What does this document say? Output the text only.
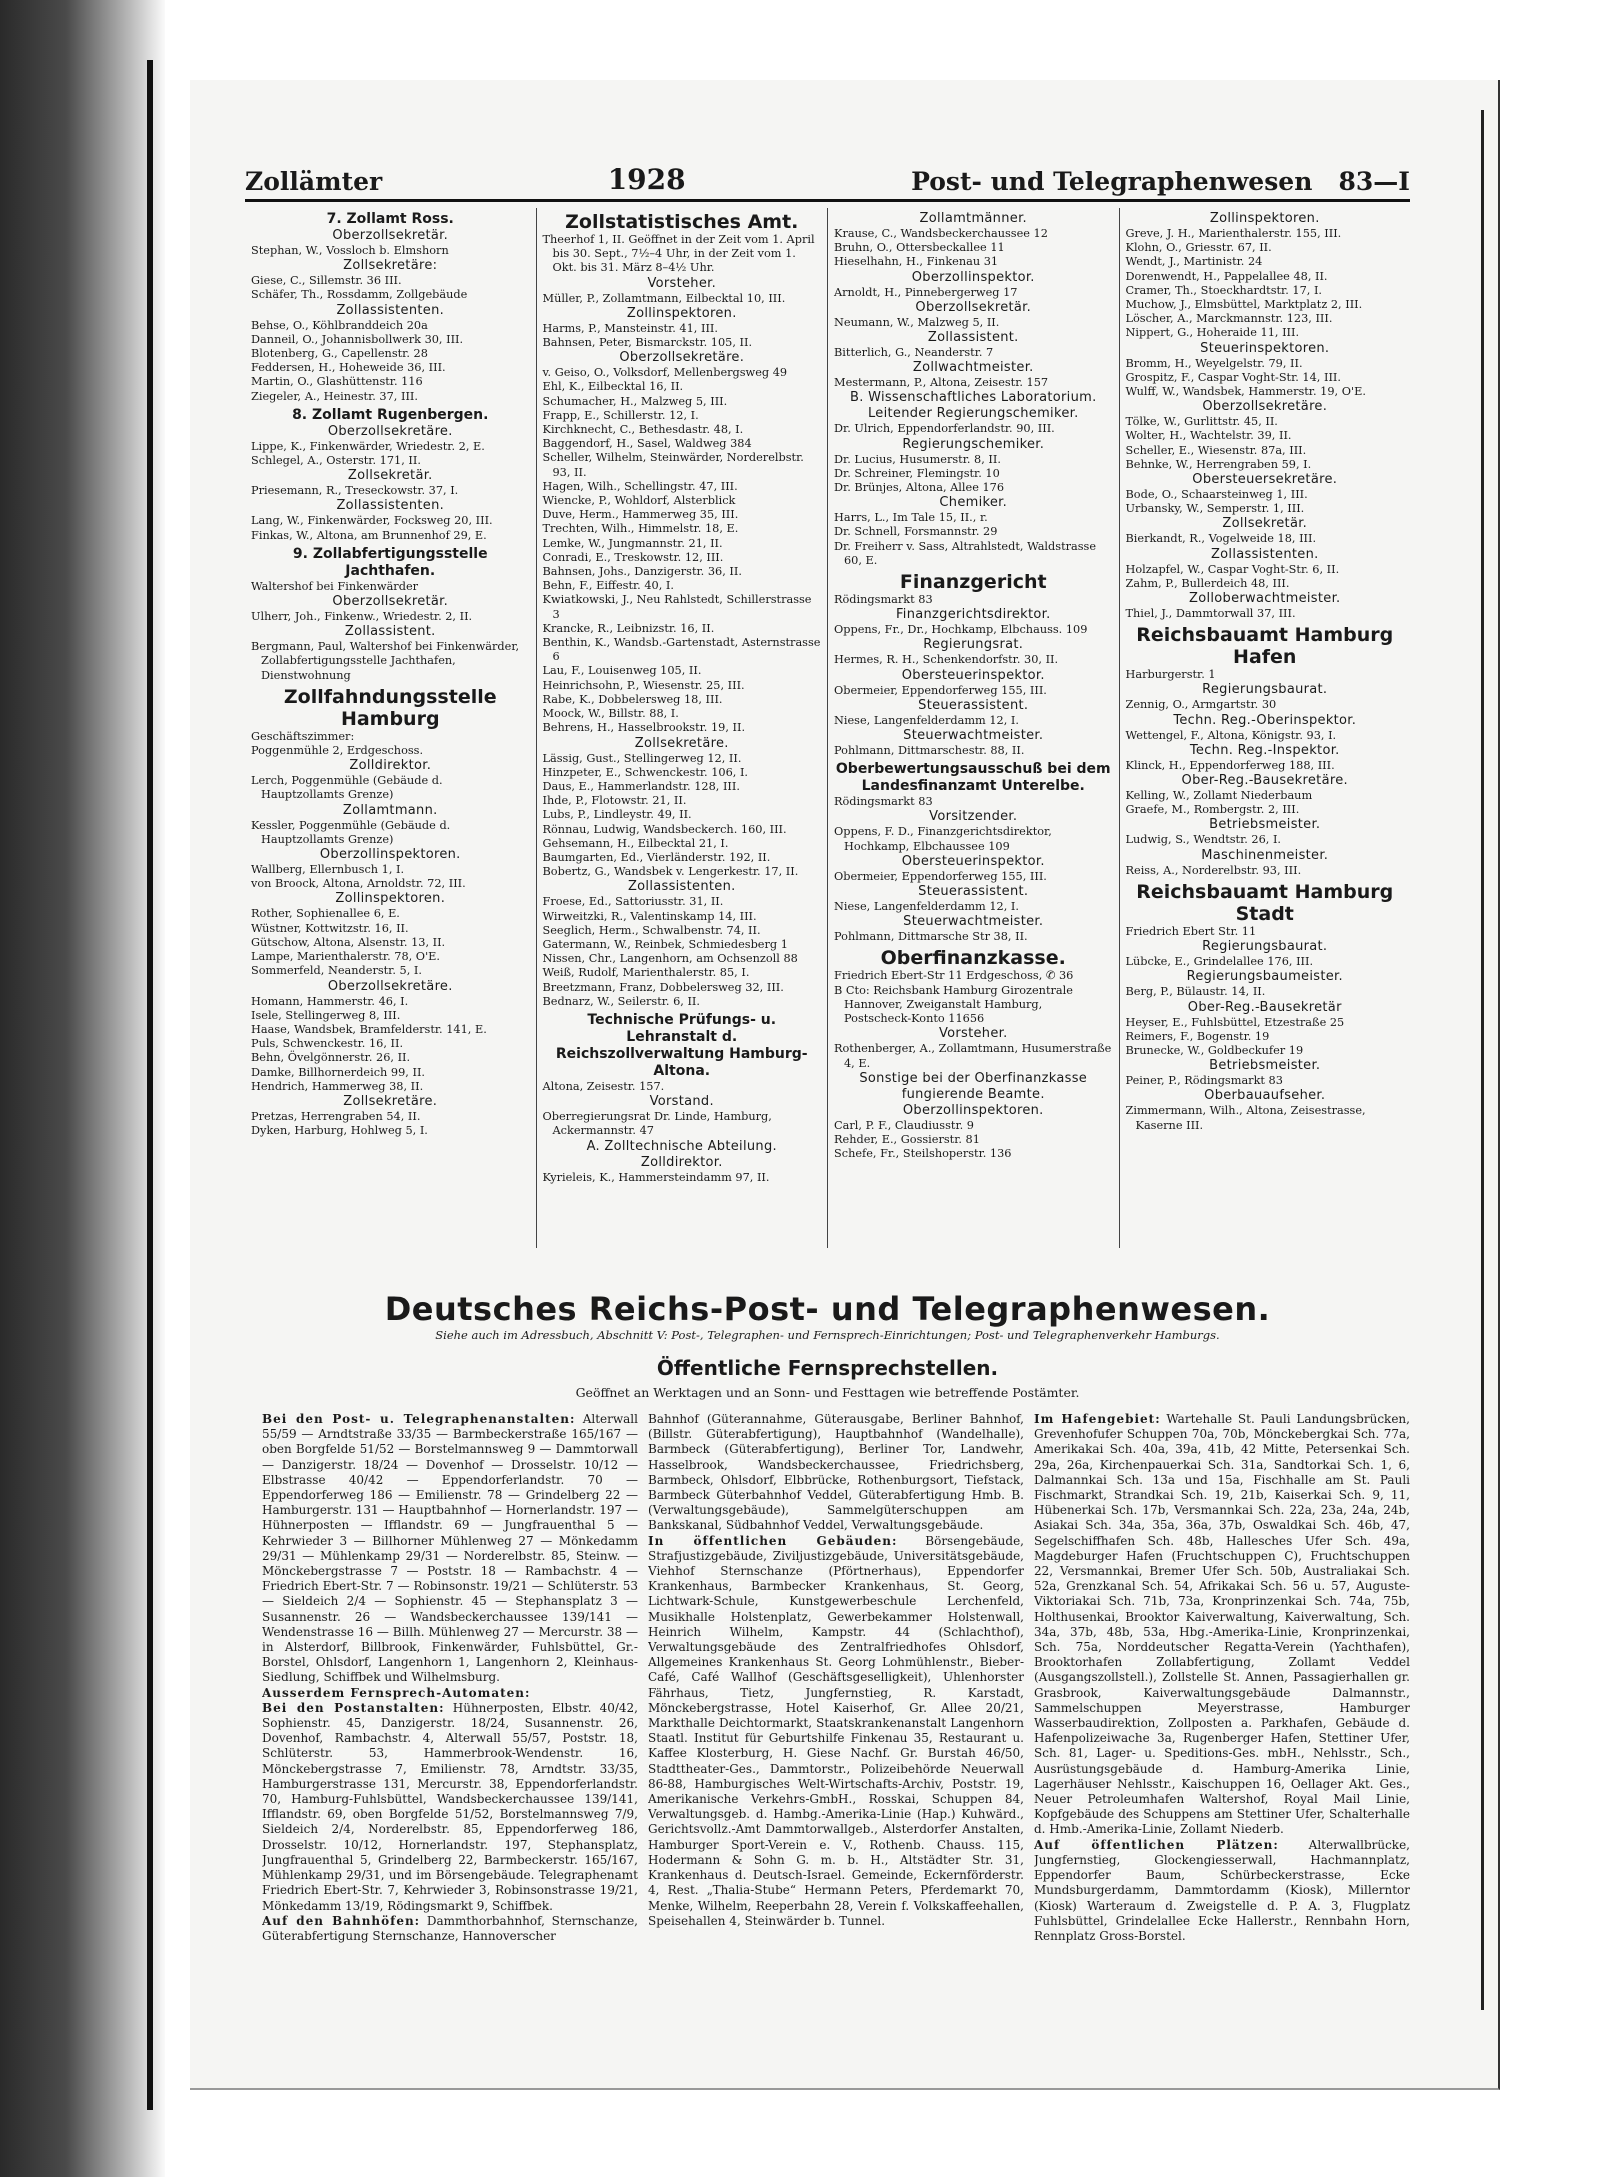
Zollämter	1928	Post- und Telegraphenwesen 83—I
7. Zollamt Ross.
Oberzollsekretär.
Stephan, W., Vossloch b. Elmshorn
Zollsekretäre:
Giese, C., Sillemstr. 36 III.
Schäfer, Th., Rossdamm, Zollgebäude
Zollassistenten.
Behse, O., Köhlbranddeich 20a
Danneil, O., Johannisbollwerk 30, III.
Blotenberg, G., Capellenstr. 28
Feddersen, H., Hoheweide 36, III.
Martin, O., Glashüttenstr. 116
Ziegeler, A., Heinestr. 37, III.
8. Zollamt Rugenbergen.
Oberzollsekretäre.
Lippe, K., Finkenwärder, Wriedestr. 2, E.
Schlegel, A., Osterstr. 171, II.
Zollsekretär.
Priesemann, R., Treseckowstr. 37, I.
Zollassistenten.
Lang, W., Finkenwärder, Focksweg 20, III.
Finkas, W., Altona, am Brunnenhof 29, E.
9. Zollabfertigungsstelle Jachthafen.
Waltershof bei Finkenwärder
Oberzollsekretär.
Ulherr, Joh., Finkenw., Wriedestr. 2, II.
Zollassistent.
Bergmann, Paul, Waltershof bei Finkenwärder, Zollabfertigungsstelle Jachthafen, Dienstwohnung
Zollfahndungsstelle Hamburg
Geschäftszimmer:
Poggenmühle 2, Erdgeschoss.
Zolldirektor.
Lerch, Poggenmühle (Gebäude d. Hauptzollamts Grenze)
Zollamtmann.
Kessler, Poggenmühle (Gebäude d. Hauptzollamts Grenze)
Oberzollinspektoren.
Wallberg, Ellernbusch 1, I.
von Broock, Altona, Arnoldstr. 72, III.
Zollinspektoren.
Rother, Sophienallee 6, E.
Wüstner, Kottwitzstr. 16, II.
Gütschow, Altona, Alsenstr. 13, II.
Lampe, Marienthalerstr. 78, O'E.
Sommerfeld, Neanderstr. 5, I.
Oberzollsekretäre.
Homann, Hammerstr. 46, I.
Isele, Stellingerweg 8, III.
Haase, Wandsbek, Bramfelderstr. 141, E.
Puls, Schwenckestr. 16, II.
Behn, Övelgönnerstr. 26, II.
Damke, Billhornerdeich 99, II.
Hendrich, Hammerweg 38, II.
Zollsekretäre.
Pretzas, Herrengraben 54, II.
Dyken, Harburg, Hohlweg 5, I.
Zollstatistisches Amt.
Theerhof 1, II. Geöffnet in der Zeit vom 1. April bis 30. Sept., 7½–4 Uhr, in der Zeit vom 1. Okt. bis 31. März 8–4½ Uhr.
Vorsteher.
Müller, P., Zollamtmann, Eilbecktal 10, III.
Zollinspektoren.
Harms, P., Mansteinstr. 41, III.
Bahnsen, Peter, Bismarckstr. 105, II.
Oberzollsekretäre.
v. Geiso, O., Volksdorf, Mellenbergsweg 49
Ehl, K., Eilbecktal 16, II.
Schumacher, H., Malzweg 5, III.
Frapp, E., Schillerstr. 12, I.
Kirchknecht, C., Bethesdastr. 48, I.
Baggendorf, H., Sasel, Waldweg 384
Scheller, Wilhelm, Steinwärder, Norderelbstr. 93, II.
Hagen, Wilh., Schellingstr. 47, III.
Wiencke, P., Wohldorf, Alsterblick
Duve, Herm., Hammerweg 35, III.
Trechten, Wilh., Himmelstr. 18, E.
Lemke, W., Jungmannstr. 21, II.
Conradi, E., Treskowstr. 12, III.
Bahnsen, Johs., Danzigerstr. 36, II.
Behn, F., Eiffestr. 40, I.
Kwiatkowski, J., Neu Rahlstedt, Schillerstrasse 3
Krancke, R., Leibnizstr. 16, II.
Benthin, K., Wandsb.-Gartenstadt, Asternstrasse 6
Lau, F., Louisenweg 105, II.
Heinrichsohn, P., Wiesenstr. 25, III.
Rabe, K., Dobbelersweg 18, III.
Moock, W., Billstr. 88, I.
Behrens, H., Hasselbrookstr. 19, II.
Zollsekretäre.
Lässig, Gust., Stellingerweg 12, II.
Hinzpeter, E., Schwenckestr. 106, I.
Daus, E., Hammerlandstr. 128, III.
Ihde, P., Flotowstr. 21, II.
Lubs, P., Lindleystr. 49, II.
Rönnau, Ludwig, Wandsbeckerch. 160, III.
Gehsemann, H., Eilbecktal 21, I.
Baumgarten, Ed., Vierländerstr. 192, II.
Bobertz, G., Wandsbek v. Lengerkestr. 17, II.
Zollassistenten.
Froese, Ed., Sattoriusstr. 31, II.
Wirweitzki, R., Valentinskamp 14, III.
Seeglich, Herm., Schwalbenstr. 74, II.
Gatermann, W., Reinbek, Schmiedesberg 1
Nissen, Chr., Langenhorn, am Ochsenzoll 88
Weiß, Rudolf, Marienthalerstr. 85, I.
Breetzmann, Franz, Dobbelersweg 32, III.
Bednarz, W., Seilerstr. 6, II.
Technische Prüfungs- u. Lehranstalt d. Reichszollverwaltung Hamburg-Altona.
Altona, Zeisestr. 157.
Vorstand.
Oberregierungsrat Dr. Linde, Hamburg, Ackermannstr. 47
A. Zolltechnische Abteilung.
Zolldirektor.
Kyrieleis, K., Hammersteindamm 97, II.
Zollamtmänner.
Krause, C., Wandsbeckerchaussee 12
Bruhn, O., Ottersbeckallee 11
Hieselhahn, H., Finkenau 31
Oberzollinspektor.
Arnoldt, H., Pinnebergerweg 17
Oberzollsekretär.
Neumann, W., Malzweg 5, II.
Zollassistent.
Bitterlich, G., Neanderstr. 7
Zollwachtmeister.
Mestermann, P., Altona, Zeisestr. 157
B. Wissenschaftliches Laboratorium.
Leitender Regierungschemiker.
Dr. Ulrich, Eppendorferlandstr. 90, III.
Regierungschemiker.
Dr. Lucius, Husumerstr. 8, II.
Dr. Schreiner, Flemingstr. 10
Dr. Brünjes, Altona, Allee 176
Chemiker.
Harrs, L., Im Tale 15, II., r.
Dr. Schnell, Forsmannstr. 29
Dr. Freiherr v. Sass, Altrahlstedt, Waldstrasse 60, E.
Finanzgericht
Rödingsmarkt 83
Finanzgerichtsdirektor.
Oppens, Fr., Dr., Hochkamp, Elbchauss. 109
Regierungsrat.
Hermes, R. H., Schenkendorfstr. 30, II.
Obersteuerinspektor.
Obermeier, Eppendorferweg 155, III.
Steuerassistent.
Niese, Langenfelderdamm 12, I.
Steuerwachtmeister.
Pohlmann, Dittmarschestr. 88, II.
Oberbewertungsausschuß bei dem Landesfinanzamt Unterelbe.
Rödingsmarkt 83
Vorsitzender.
Oppens, F. D., Finanzgerichtsdirektor, Hochkamp, Elbchaussee 109
Obersteuerinspektor.
Obermeier, Eppendorferweg 155, III.
Steuerassistent.
Niese, Langenfelderdamm 12, I.
Steuerwachtmeister.
Pohlmann, Dittmarsche Str 38, II.
Oberfinanzkasse.
Friedrich Ebert-Str 11 Erdgeschoss, ✆ 36
B Cto: Reichsbank Hamburg Girozentrale Hannover, Zweiganstalt Hamburg, Postscheck-Konto 11656
Vorsteher.
Rothenberger, A., Zollamtmann, Husumerstraße 4, E.
Sonstige bei der Oberfinanzkasse fungierende Beamte.
Oberzollinspektoren.
Carl, P. F., Claudiusstr. 9
Rehder, E., Gossierstr. 81
Schefe, Fr., Steilshoperstr. 136
Zollinspektoren.
Greve, J. H., Marienthalerstr. 155, III.
Klohn, O., Griesstr. 67, II.
Wendt, J., Martinistr. 24
Dorenwendt, H., Pappelallee 48, II.
Cramer, Th., Stoeckhardtstr. 17, I.
Muchow, J., Elmsbüttel, Marktplatz 2, III.
Löscher, A., Marckmannstr. 123, III.
Nippert, G., Hoheraide 11, III.
Steuerinspektoren.
Bromm, H., Weyelgelstr. 79, II.
Grospitz, F., Caspar Voght-Str. 14, III.
Wulff, W., Wandsbek, Hammerstr. 19, O'E.
Oberzollsekretäre.
Tölke, W., Gurlittstr. 45, II.
Wolter, H., Wachtelstr. 39, II.
Scheller, E., Wiesenstr. 87a, III.
Behnke, W., Herrengraben 59, I.
Obersteuersekretäre.
Bode, O., Schaarsteinweg 1, III.
Urbansky, W., Semperstr. 1, III.
Zollsekretär.
Bierkandt, R., Vogelweide 18, III.
Zollassistenten.
Holzapfel, W., Caspar Voght-Str. 6, II.
Zahm, P., Bullerdeich 48, III.
Zolloberwachtmeister.
Thiel, J., Dammtorwall 37, III.
Reichsbauamt Hamburg Hafen
Harburgerstr. 1
Regierungsbaurat.
Zennig, O., Armgartstr. 30
Techn. Reg.-Oberinspektor.
Wettengel, F., Altona, Königstr. 93, I.
Techn. Reg.-Inspektor.
Klinck, H., Eppendorferweg 188, III.
Ober-Reg.-Bausekretäre.
Kelling, W., Zollamt Niederbaum
Graefe, M., Rombergstr. 2, III.
Betriebsmeister.
Ludwig, S., Wendtstr. 26, I.
Maschinenmeister.
Reiss, A., Norderelbstr. 93, III.
Reichsbauamt Hamburg Stadt
Friedrich Ebert Str. 11
Regierungsbaurat.
Lübcke, E., Grindelallee 176, III.
Regierungsbaumeister.
Berg, P., Bülaustr. 14, II.
Ober-Reg.-Bausekretär
Heyser, E., Fuhlsbüttel, Etzestraße 25
Reimers, F., Bogenstr. 19
Brunecke, W., Goldbeckufer 19
Betriebsmeister.
Peiner, P., Rödingsmarkt 83
Oberbauaufseher.
Zimmermann, Wilh., Altona, Zeisestrasse, Kaserne III.
Deutsches Reichs-Post- und Telegraphenwesen.
Siehe auch im Adressbuch, Abschnitt V: Post-, Telegraphen- und Fernsprech-Einrichtungen; Post- und Telegraphenverkehr Hamburgs.
Öffentliche Fernsprechstellen.
Geöffnet an Werktagen und an Sonn- und Festtagen wie betreffende Postämter.

Bei den Post- u. Telegraphenanstalten: Alterwall 55/59 — Arndtstraße 33/35 — Barmbeckerstraße 165/167 — oben Borgfelde 51/52 — Borstelmannsweg 9 — Dammtorwall — Danzigerstr. 18/24 — Dovenhof — Drosselstr. 10/12 — Elbstrasse 40/42 — Eppendorferlandstr. 70 — Eppendorferweg 186 — Emilienstr. 78 — Grindelberg 22 — Hamburgerstr. 131 — Hauptbahnhof — Hornerlandstr. 197 — Hühnerposten — Ifflandstr. 69 — Jungfrauenthal 5 — Kehrwieder 3 — Billhorner Mühlenweg 27 — Mönkedamm 29/31 — Mühlenkamp 29/31 — Norderelbstr. 85, Steinw. — Mönckebergstrasse 7 — Poststr. 18 — Rambachstr. 4 — Friedrich Ebert-Str. 7 — Robinsonstr. 19/21 — Schlüterstr. 53 — Sieldeich 2/4 — Sophienstr. 45 — Stephansplatz 3 — Susannenstr. 26 — Wandsbeckerchaussee 139/141 — Wendenstrasse 16 — Billh. Mühlenweg 27 — Mercurstr. 38 — in Alsterdorf, Billbrook, Finkenwärder, Fuhlsbüttel, Gr.-Borstel, Ohlsdorf, Langenhorn 1, Langenhorn 2, Kleinhaus-Siedlung, Schiffbek und Wilhelmsburg.

Ausserdem Fernsprech-Automaten:

Bei den Postanstalten: Hühnerposten, Elbstr. 40/42, Sophienstr. 45, Danzigerstr. 18/24, Susannenstr. 26, Dovenhof, Rambachstr. 4, Alterwall 55/57, Poststr. 18, Schlüterstr. 53, Hammerbrook-Wendenstr. 16, Mönckebergstrasse 7, Emilienstr. 78, Arndtstr. 33/35, Hamburgerstrasse 131, Mercurstr. 38, Eppendorferlandstr. 70, Hamburg-Fuhlsbüttel, Wandsbeckerchaussee 139/141, Ifflandstr. 69, oben Borgfelde 51/52, Borstelmannsweg 7/9, Sieldeich 2/4, Norderelbstr. 85, Eppendorferweg 186, Drosselstr. 10/12, Hornerlandstr. 197, Stephansplatz, Jungfrauenthal 5, Grindelberg 22, Barmbeckerstr. 165/167, Mühlenkamp 29/31, und im Börsengebäude. Telegraphenamt Friedrich Ebert-Str. 7, Kehrwieder 3, Robinsonstrasse 19/21, Mönkedamm 13/19, Rödingsmarkt 9, Schiffbek.

Auf den Bahnhöfen: Dammthorbahnhof, Sternschanze, Güterabfertigung Sternschanze, Hannoverscher

Bahnhof (Güterannahme, Güterausgabe, Berliner Bahnhof, (Billstr. Güterabfertigung), Hauptbahnhof (Wandelhalle), Barmbeck (Güterabfertigung), Berliner Tor, Landwehr, Hasselbrook, Wandsbeckerchaussee, Friedrichsberg, Barmbeck, Ohlsdorf, Elbbrücke, Rothenburgsort, Tiefstack, Barmbeck Güterbahnhof Veddel, Güterabfertigung Hmb. B. (Verwaltungsgebäude), Sammelgüterschuppen am Bankskanal, Südbahnhof Veddel, Verwaltungsgebäude.

In öffentlichen Gebäuden: Börsengebäude, Strafjustizgebäude, Ziviljustizgebäude, Universitätsgebäude, Viehhof Sternschanze (Pförtnerhaus), Eppendorfer Krankenhaus, Barmbecker Krankenhaus, St. Georg, Lichtwark-Schule, Kunstgewerbeschule Lerchenfeld, Musikhalle Holstenplatz, Gewerbekammer Holstenwall, Heinrich Wilhelm, Kampstr. 44 (Schlachthof), Verwaltungsgebäude des Zentralfriedhofes Ohlsdorf, Allgemeines Krankenhaus St. Georg Lohmühlenstr., Bieber-Café, Café Wallhof (Geschäftsgeselligkeit), Uhlenhorster Fährhaus, Tietz, Jungfernstieg, R. Karstadt, Mönckebergstrasse, Hotel Kaiserhof, Gr. Allee 20/21, Markthalle Deichtormarkt, Staatskrankenanstalt Langenhorn Staatl. Institut für Geburtshilfe Finkenau 35, Restaurant u. Kaffee Klosterburg, H. Giese Nachf. Gr. Burstah 46/50, Stadttheater-Ges., Dammtorstr., Polizeibehörde Neuerwall 86-88, Hamburgisches Welt-Wirtschafts-Archiv, Poststr. 19, Amerikanische Verkehrs-GmbH., Rosskai, Schuppen 84, Verwaltungsgeb. d. Hambg.-Amerika-Linie (Hap.) Kuhwärd., Gerichtsvollz.-Amt Dammtorwallgeb., Alsterdorfer Anstalten, Hamburger Sport-Verein e. V., Rothenb. Chauss. 115, Hodermann & Sohn G. m. b. H., Altstädter Str. 31, Krankenhaus d. Deutsch-Israel. Gemeinde, Eckernförderstr. 4, Rest. „Thalia-Stube“ Hermann Peters, Pferdemarkt 70, Menke, Wilhelm, Reeperbahn 28, Verein f. Volkskaffeehallen, Speisehallen 4, Steinwärder b. Tunnel.

Im Hafengebiet: Wartehalle St. Pauli Landungsbrücken, Grevenhofufer Schuppen 70a, 70b, Mönckebergkai Sch. 77a, Amerikakai Sch. 40a, 39a, 41b, 42 Mitte, Petersenkai Sch. 29a, 26a, Kirchenpauerkai Sch. 31a, Sandtorkai Sch. 1, 6, Dalmannkai Sch. 13a und 15a, Fischhalle am St. Pauli Fischmarkt, Strandkai Sch. 19, 21b, Kaiserkai Sch. 9, 11, Hübenerkai Sch. 17b, Versmannkai Sch. 22a, 23a, 24a, 24b, Asiakai Sch. 34a, 35a, 36a, 37b, Oswaldkai Sch. 46b, 47, Segelschiffhafen Sch. 48b, Hallesches Ufer Sch. 49a, Magdeburger Hafen (Fruchtschuppen C), Fruchtschuppen 22, Versmannkai, Bremer Ufer Sch. 50b, Australiakai Sch. 52a, Grenzkanal Sch. 54, Afrikakai Sch. 56 u. 57, Auguste-Viktoriakai Sch. 71b, 73a, Kronprinzenkai Sch. 74a, 75b, Holthusenkai, Brooktor Kaiverwaltung, Kaiverwaltung, Sch. 34a, 37b, 48b, 53a, Hbg.-Amerika-Linie, Kronprinzenkai, Sch. 75a, Norddeutscher Regatta-Verein (Yachthafen), Brooktorhafen Zollabfertigung, Zollamt Veddel (Ausgangszollstell.), Zollstelle St. Annen, Passagierhallen gr. Grasbrook, Kaiverwaltungsgebäude Dalmannstr., Sammelschuppen Meyerstrasse, Hamburger Wasserbaudirektion, Zollposten a. Parkhafen, Gebäude d. Hafenpolizeiwache 3a, Rugenberger Hafen, Stettiner Ufer, Sch. 81, Lager- u. Speditions-Ges. mbH., Nehlsstr., Sch., Ausrüstungsgebäude d. Hamburg-Amerika Linie, Lagerhäuser Nehlsstr., Kaischuppen 16, Oellager Akt. Ges., Neuer Petroleumhafen Waltershof, Royal Mail Linie, Kopfgebäude des Schuppens am Stettiner Ufer, Schalterhalle d. Hmb.-Amerika-Linie, Zollamt Niederb.

Auf öffentlichen Plätzen: Alterwallbrücke, Jungfernstieg, Glockengiesserwall, Hachmannplatz, Eppendorfer Baum, Schürbeckerstrasse, Ecke Mundsburgerdamm, Dammtordamm (Kiosk), Millerntor (Kiosk) Warteraum d. Zweigstelle d. P. A. 3, Flugplatz Fuhlsbüttel, Grindelallee Ecke Hallerstr., Rennbahn Horn, Rennplatz Gross-Borstel.
